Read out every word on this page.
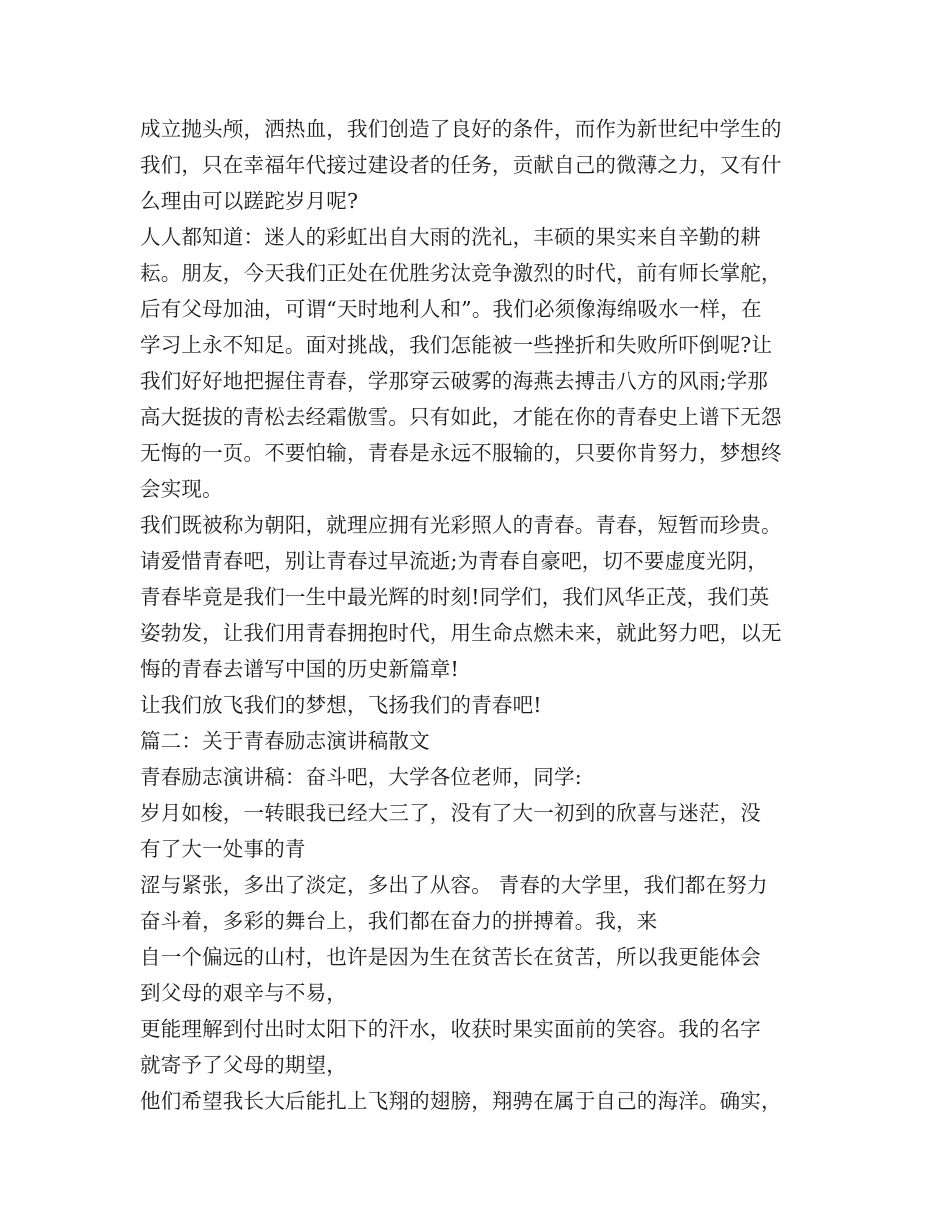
成立抛头颅，洒热血，我们创造了良好的条件，而作为新世纪中学生的
我们，只在幸福年代接过建设者的任务，贡献自己的微薄之力，又有什
么理由可以蹉跎岁月呢?
人人都知道：迷人的彩虹出自大雨的洗礼，丰硕的果实来自辛勤的耕
耘。朋友，今天我们正处在优胜劣汰竞争激烈的时代，前有师长掌舵，
后有父母加油，可谓“天时地利人和”。我们必须像海绵吸水一样，在
学习上永不知足。面对挑战，我们怎能被一些挫折和失败所吓倒呢?让
我们好好地把握住青春，学那穿云破雾的海燕去搏击八方的风雨;学那
高大挺拔的青松去经霜傲雪。只有如此，才能在你的青春史上谱下无怨
无悔的一页。不要怕输，青春是永远不服输的，只要你肯努力，梦想终
会实现。
我们既被称为朝阳，就理应拥有光彩照人的青春。青春，短暂而珍贵。
请爱惜青春吧，别让青春过早流逝;为青春自豪吧，切不要虚度光阴，
青春毕竟是我们一生中最光辉的时刻!同学们，我们风华正茂，我们英
姿勃发，让我们用青春拥抱时代，用生命点燃未来，就此努力吧，以无
悔的青春去谱写中国的历史新篇章!
让我们放飞我们的梦想，飞扬我们的青春吧!
篇二：关于青春励志演讲稿散文
青春励志演讲稿：奋斗吧，大学各位老师，同学:
岁月如梭，一转眼我已经大三了，没有了大一初到的欣喜与迷茫，没
有了大一处事的青
涩与紧张，多出了淡定，多出了从容。 青春的大学里，我们都在努力
奋斗着，多彩的舞台上，我们都在奋力的拼搏着。我，来
自一个偏远的山村，也许是因为生在贫苦长在贫苦，所以我更能体会
到父母的艰辛与不易，
更能理解到付出时太阳下的汗水，收获时果实面前的笑容。我的名字
就寄予了父母的期望，
他们希望我长大后能扎上飞翔的翅膀，翔骋在属于自己的海洋。确实，
